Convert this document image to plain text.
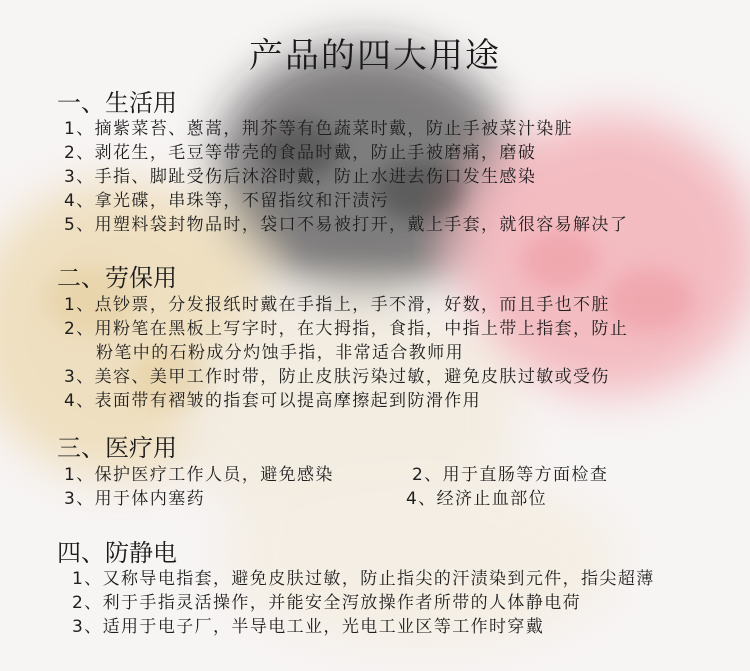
产品的四大用途
一、生活用
1、摘紫菜苔、蔥蒿，荆芥等有色蔬菜时戴，防止手被菜汁染脏
2、剥花生，毛豆等带壳的食品时戴，防止手被磨痛，磨破
3、手指、脚趾受伤后沐浴时戴，防止水进去伤口发生感染
4、拿光碟，串珠等，不留指纹和汗渍污
5、用塑料袋封物品时，袋口不易被打开，戴上手套，就很容易解决了
二、劳保用
1、点钞票，分发报纸时戴在手指上，手不滑，好数，而且手也不脏
2、用粉笔在黑板上写字时，在大拇指，食指，中指上带上指套，防止
粉笔中的石粉成分灼蚀手指，非常适合教师用
3、美容、美甲工作时带，防止皮肤污染过敏，避免皮肤过敏或受伤
4、表面带有褶皱的指套可以提高摩擦起到防滑作用
三、医疗用
1、保护医疗工作人员，避免感染	2、用于直肠等方面检查
3、用于体内塞药	4、经济止血部位
四、防静电
1、又称导电指套，避免皮肤过敏，防止指尖的汗渍染到元件，指尖超薄
2、利于手指灵活操作，并能安全泻放操作者所带的人体静电荷
3、适用于电子厂，半导电工业，光电工业区等工作时穿戴
